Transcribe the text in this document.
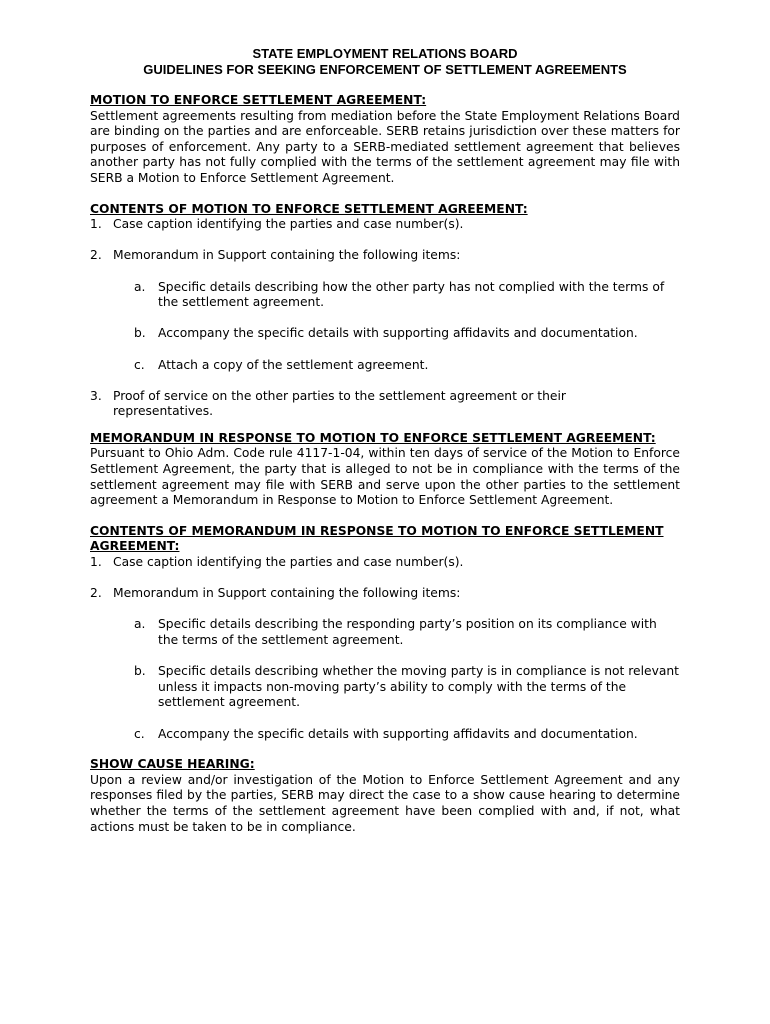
STATE EMPLOYMENT RELATIONS BOARD

GUIDELINES FOR SEEKING ENFORCEMENT OF SETTLEMENT AGREEMENTS

MOTION TO ENFORCE SETTLEMENT AGREEMENT:

Settlement agreements resulting from mediation before the State Employment Relations Board are binding on the parties and are enforceable. SERB retains jurisdiction over these matters for purposes of enforcement. Any party to a SERB-mediated settlement agreement that believes another party has not fully complied with the terms of the settlement agreement may file with SERB a Motion to Enforce Settlement Agreement.

CONTENTS OF MOTION TO ENFORCE SETTLEMENT AGREEMENT:

1. Case caption identifying the parties and case number(s).
2. Memorandum in Support containing the following items:
a.	Specific details describing how the other party has not complied with the terms of the settlement agreement.
b. Accompany the specific details with supporting affidavits and documentation.
c.	Attach a copy of the settlement agreement.
3. Proof of service on the other parties to the settlement agreement or their representatives.

MEMORANDUM IN RESPONSE TO MOTION TO ENFORCE SETTLEMENT AGREEMENT:

Pursuant to Ohio Adm. Code rule 4117-1-04, within ten days of service of the Motion to Enforce Settlement Agreement, the party that is alleged to not be in compliance with the terms of the settlement agreement may file with SERB and serve upon the other parties to the settlement agreement a Memorandum in Response to Motion to Enforce Settlement Agreement.

CONTENTS OF MEMORANDUM IN RESPONSE TO MOTION TO ENFORCE SETTLEMENT AGREEMENT:

1. Case caption identifying the parties and case number(s).
2. Memorandum in Support containing the following items:
a.	Specific details describing the responding party’s position on its compliance with the terms of the settlement agreement.
b. Specific details describing whether the moving party is in compliance is not relevant unless it impacts non-moving party’s ability to comply with the terms of the settlement agreement.
c.	Accompany the specific details with supporting affidavits and documentation.

SHOW CAUSE HEARING:

Upon a review and/or investigation of the Motion to Enforce Settlement Agreement and any responses filed by the parties, SERB may direct the case to a show cause hearing to determine whether the terms of the settlement agreement have been complied with and, if not, what actions must be taken to be in compliance.
